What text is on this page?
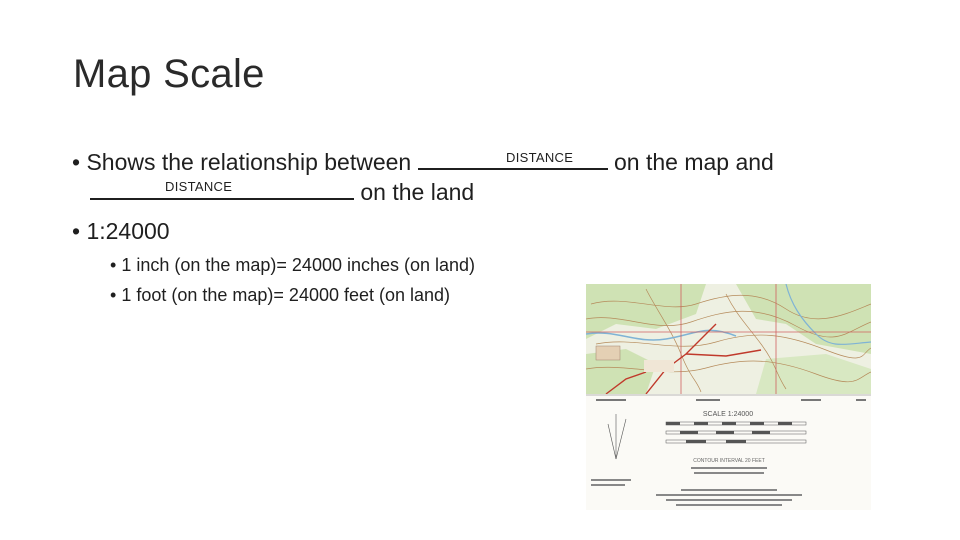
Map Scale
• Shows the relationship between	on the map and
DISTANCE
on the land
DISTANCE
• 1:24000
• 1 inch (on the map)= 24000 inches (on land)
• 1 foot (on the map)= 24000 feet (on land)
SCALE 1:24000
CONTOUR INTERVAL 20 FEET
